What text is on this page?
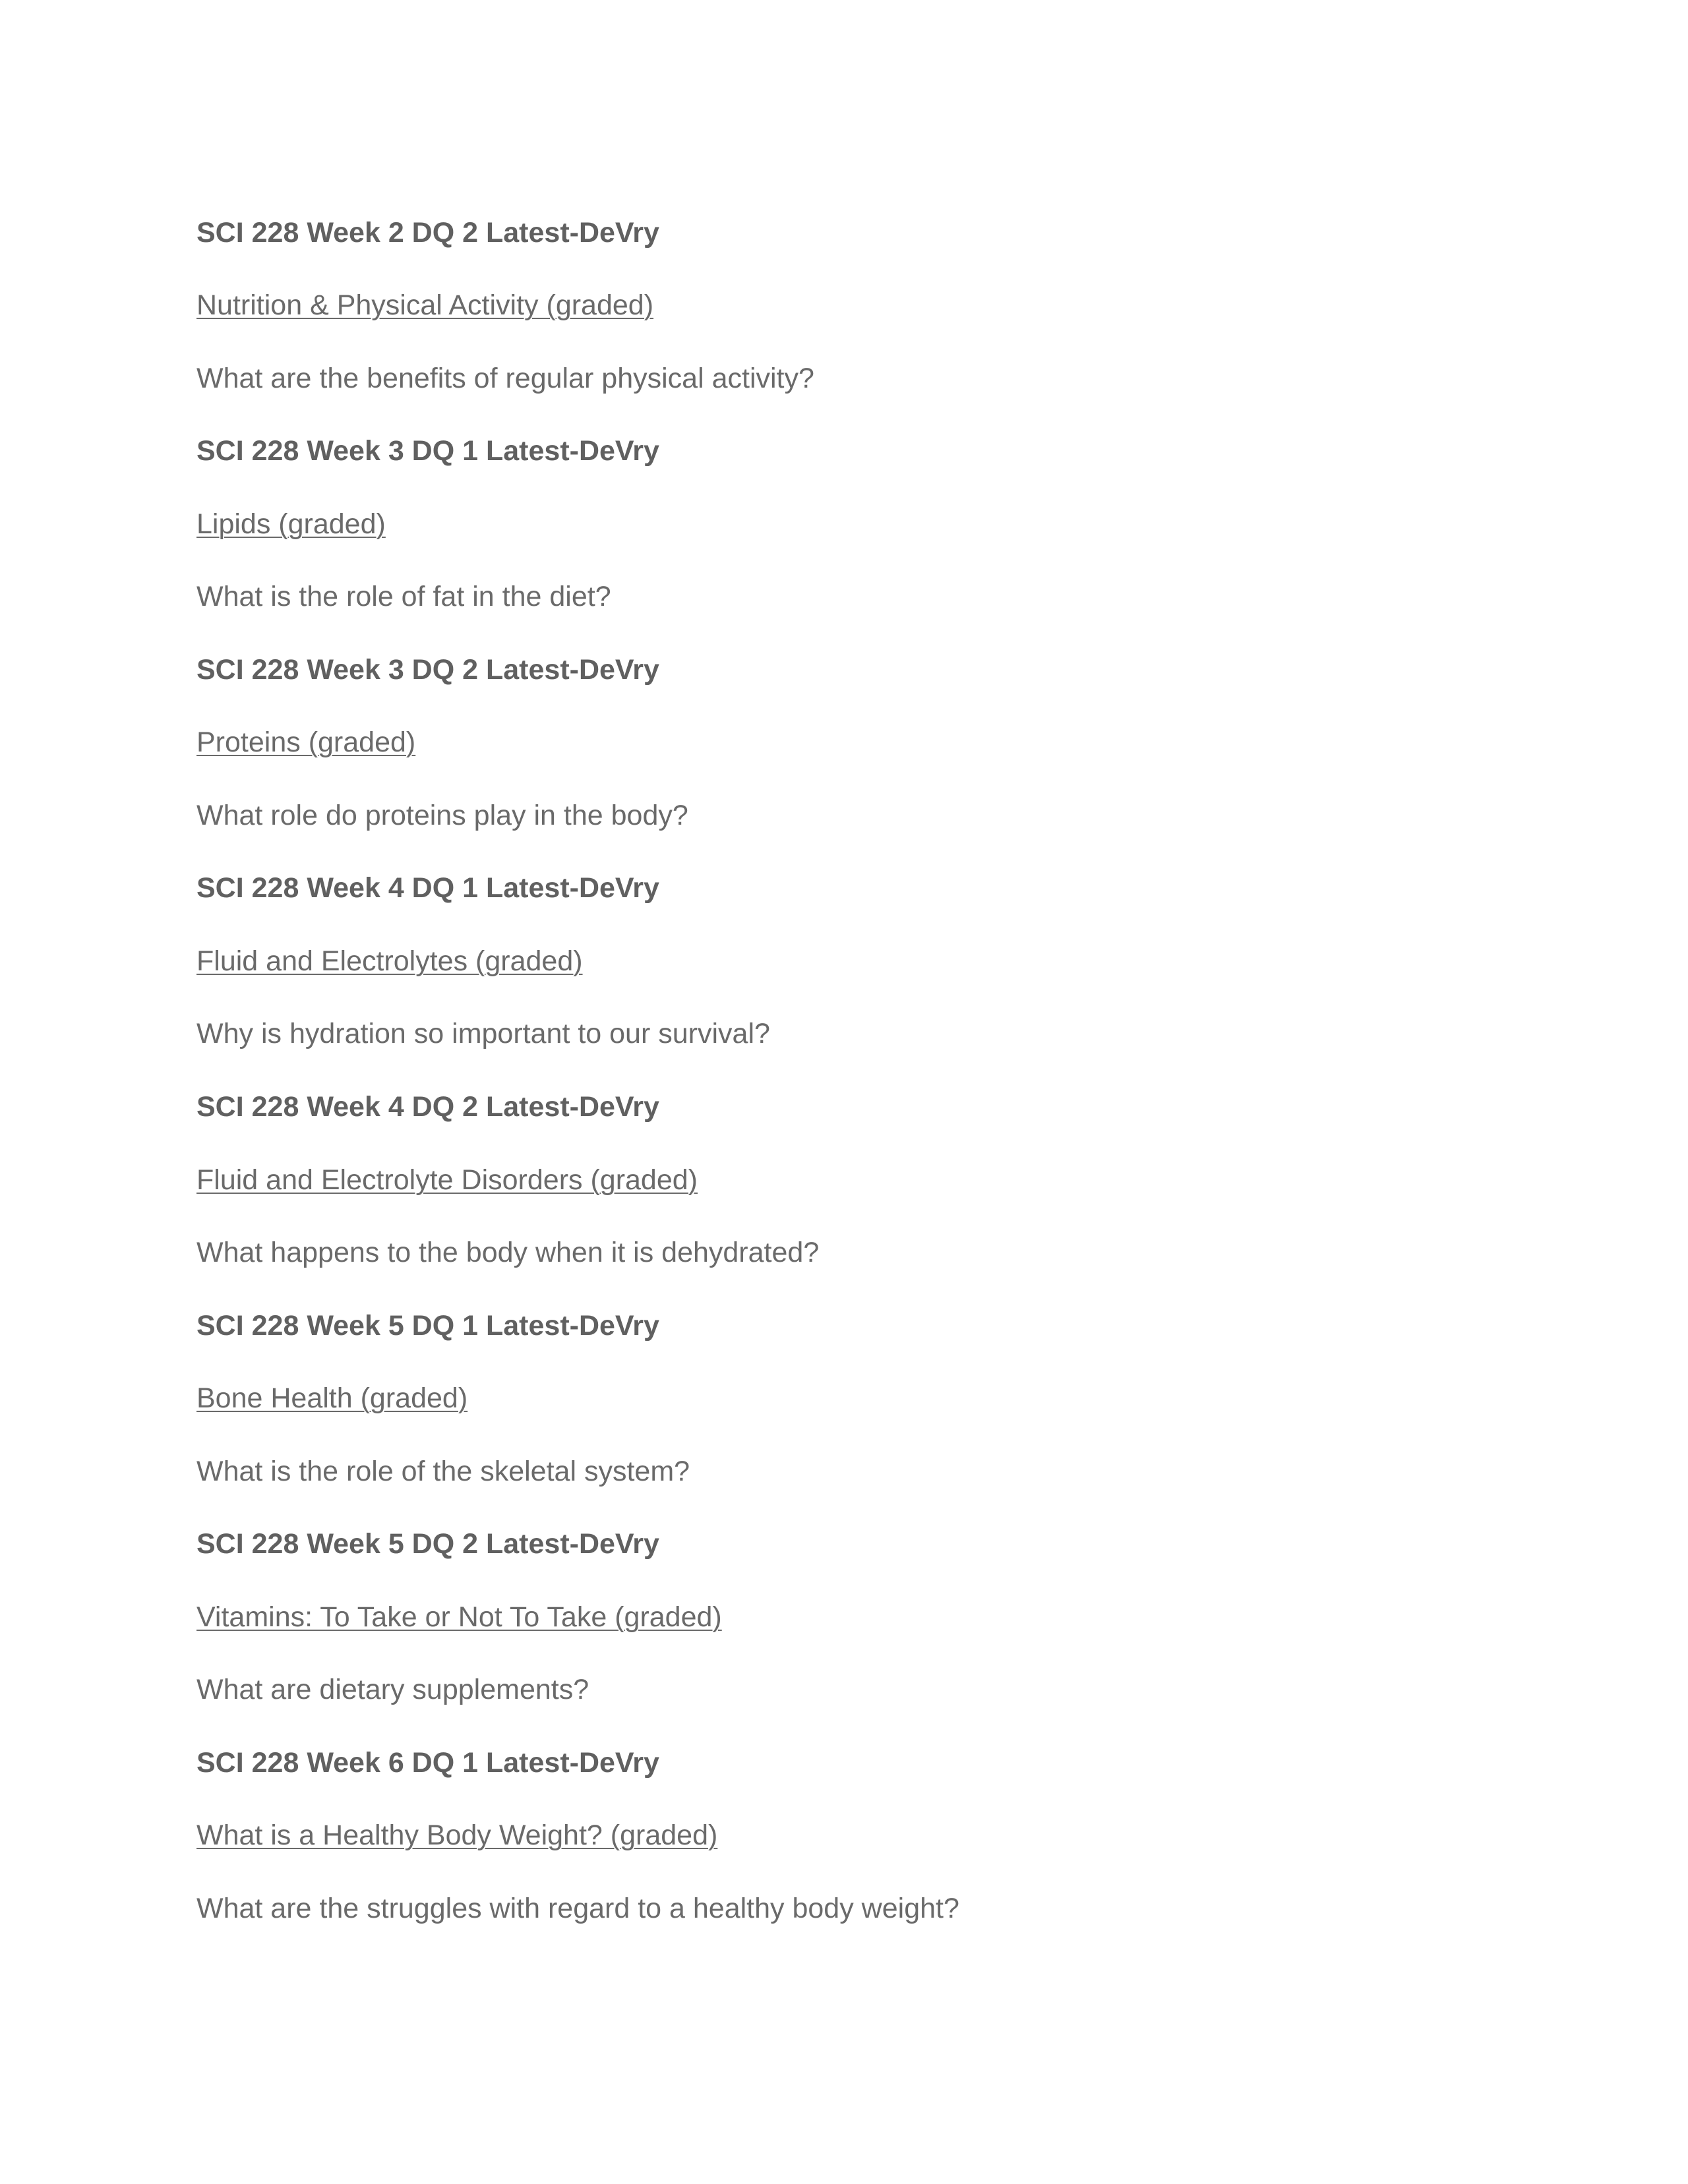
SCI 228 Week 2 DQ 2 Latest-DeVry
Nutrition & Physical Activity (graded)
What are the benefits of regular physical activity?
SCI 228 Week 3 DQ 1 Latest-DeVry
Lipids (graded)
What is the role of fat in the diet?
SCI 228 Week 3 DQ 2 Latest-DeVry
Proteins (graded)
What role do proteins play in the body?
SCI 228 Week 4 DQ 1 Latest-DeVry
Fluid and Electrolytes (graded)
Why is hydration so important to our survival?
SCI 228 Week 4 DQ 2 Latest-DeVry
Fluid and Electrolyte Disorders (graded)
What happens to the body when it is dehydrated?
SCI 228 Week 5 DQ 1 Latest-DeVry
Bone Health (graded)
What is the role of the skeletal system?
SCI 228 Week 5 DQ 2 Latest-DeVry
Vitamins: To Take or Not To Take (graded)
What are dietary supplements?
SCI 228 Week 6 DQ 1 Latest-DeVry
What is a Healthy Body Weight? (graded)
What are the struggles with regard to a healthy body weight?
